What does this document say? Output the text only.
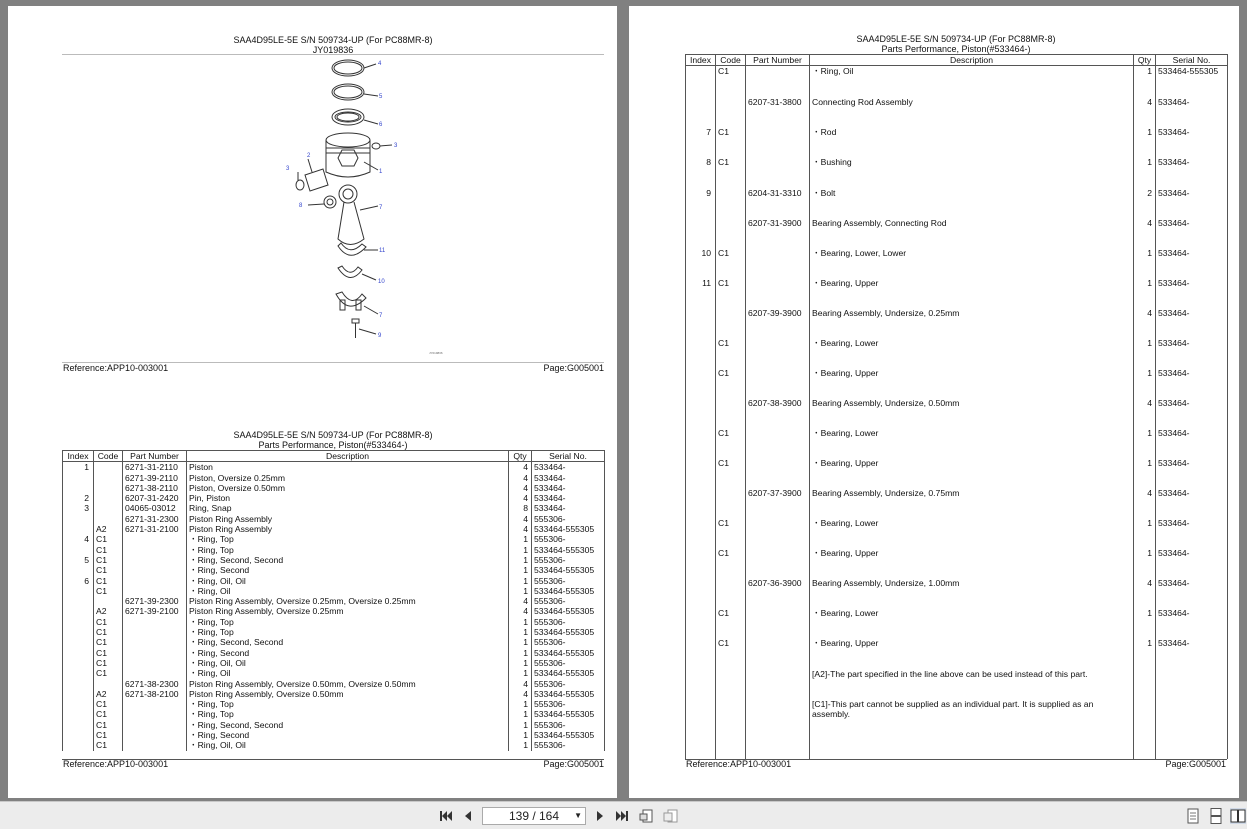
SAA4D95LE-5E S/N 509734-UP (For PC88MR-8)
JY019836
4
5
6
3
2
3	1
8	7
11
10
7
9
JY019836
Reference:APP10-003001	Page:G005001
SAA4D95LE-5E S/N 509734-UP (For PC88MR-8)
Parts Performance, Piston(#533464-)
Index	Code	Part Number	Description	Qty	Serial No.
1		6271-31-2110	Piston	4	533464-
		6271-39-2110	Piston, Oversize 0.25mm	4	533464-
		6271-38-2110	Piston, Oversize 0.50mm	4	533464-
2		6207-31-2420	Pin, Piston	4	533464-
3		04065-03012	Ring, Snap	8	533464-
		6271-31-2300	Piston Ring Assembly	4	555306-
	A2	6271-31-2100	Piston Ring Assembly	4	533464-555305
4	C1		・Ring, Top	1	555306-
	C1		・Ring, Top	1	533464-555305
5	C1		・Ring, Second, Second	1	555306-
	C1		・Ring, Second	1	533464-555305
6	C1		・Ring, Oil, Oil	1	555306-
	C1		・Ring, Oil	1	533464-555305
		6271-39-2300	Piston Ring Assembly, Oversize 0.25mm, Oversize 0.25mm	4	555306-
	A2	6271-39-2100	Piston Ring Assembly, Oversize 0.25mm	4	533464-555305
	C1		・Ring, Top	1	555306-
	C1		・Ring, Top	1	533464-555305
	C1		・Ring, Second, Second	1	555306-
	C1		・Ring, Second	1	533464-555305
	C1		・Ring, Oil, Oil	1	555306-
	C1		・Ring, Oil	1	533464-555305
		6271-38-2300	Piston Ring Assembly, Oversize 0.50mm, Oversize 0.50mm	4	555306-
	A2	6271-38-2100	Piston Ring Assembly, Oversize 0.50mm	4	533464-555305
	C1		・Ring, Top	1	555306-
	C1		・Ring, Top	1	533464-555305
	C1		・Ring, Second, Second	1	555306-
	C1		・Ring, Second	1	533464-555305
	C1		・Ring, Oil, Oil	1	555306-

Reference:APP10-003001	Page:G005001
SAA4D95LE-5E S/N 509734-UP (For PC88MR-8)
Parts Performance, Piston(#533464-)
Index	Code	Part Number	Description	Qty	Serial No.
	C1		・Ring, Oil	1	533464-555305
		6207-31-3800	Connecting Rod Assembly	4	533464-
7	C1		・Rod	1	533464-
8	C1		・Bushing	1	533464-
9		6204-31-3310	・Bolt	2	533464-
		6207-31-3900	Bearing Assembly, Connecting Rod	4	533464-
10	C1		・Bearing, Lower, Lower	1	533464-
11	C1		・Bearing, Upper	1	533464-
		6207-39-3900	Bearing Assembly, Undersize, 0.25mm	4	533464-
	C1		・Bearing, Lower	1	533464-
	C1		・Bearing, Upper	1	533464-
		6207-38-3900	Bearing Assembly, Undersize, 0.50mm	4	533464-
	C1		・Bearing, Lower	1	533464-
	C1		・Bearing, Upper	1	533464-
		6207-37-3900	Bearing Assembly, Undersize, 0.75mm	4	533464-
	C1		・Bearing, Lower	1	533464-
	C1		・Bearing, Upper	1	533464-
		6207-36-3900	Bearing Assembly, Undersize, 1.00mm	4	533464-
	C1		・Bearing, Lower	1	533464-
	C1		・Bearing, Upper	1	533464-
			[A2]-The part specified in the line above can be used instead of this part.		
			[C1]-This part cannot be supplied as an individual part. It is supplied as an assembly.		

Reference:APP10-003001	Page:G005001
139 / 164 ▼
